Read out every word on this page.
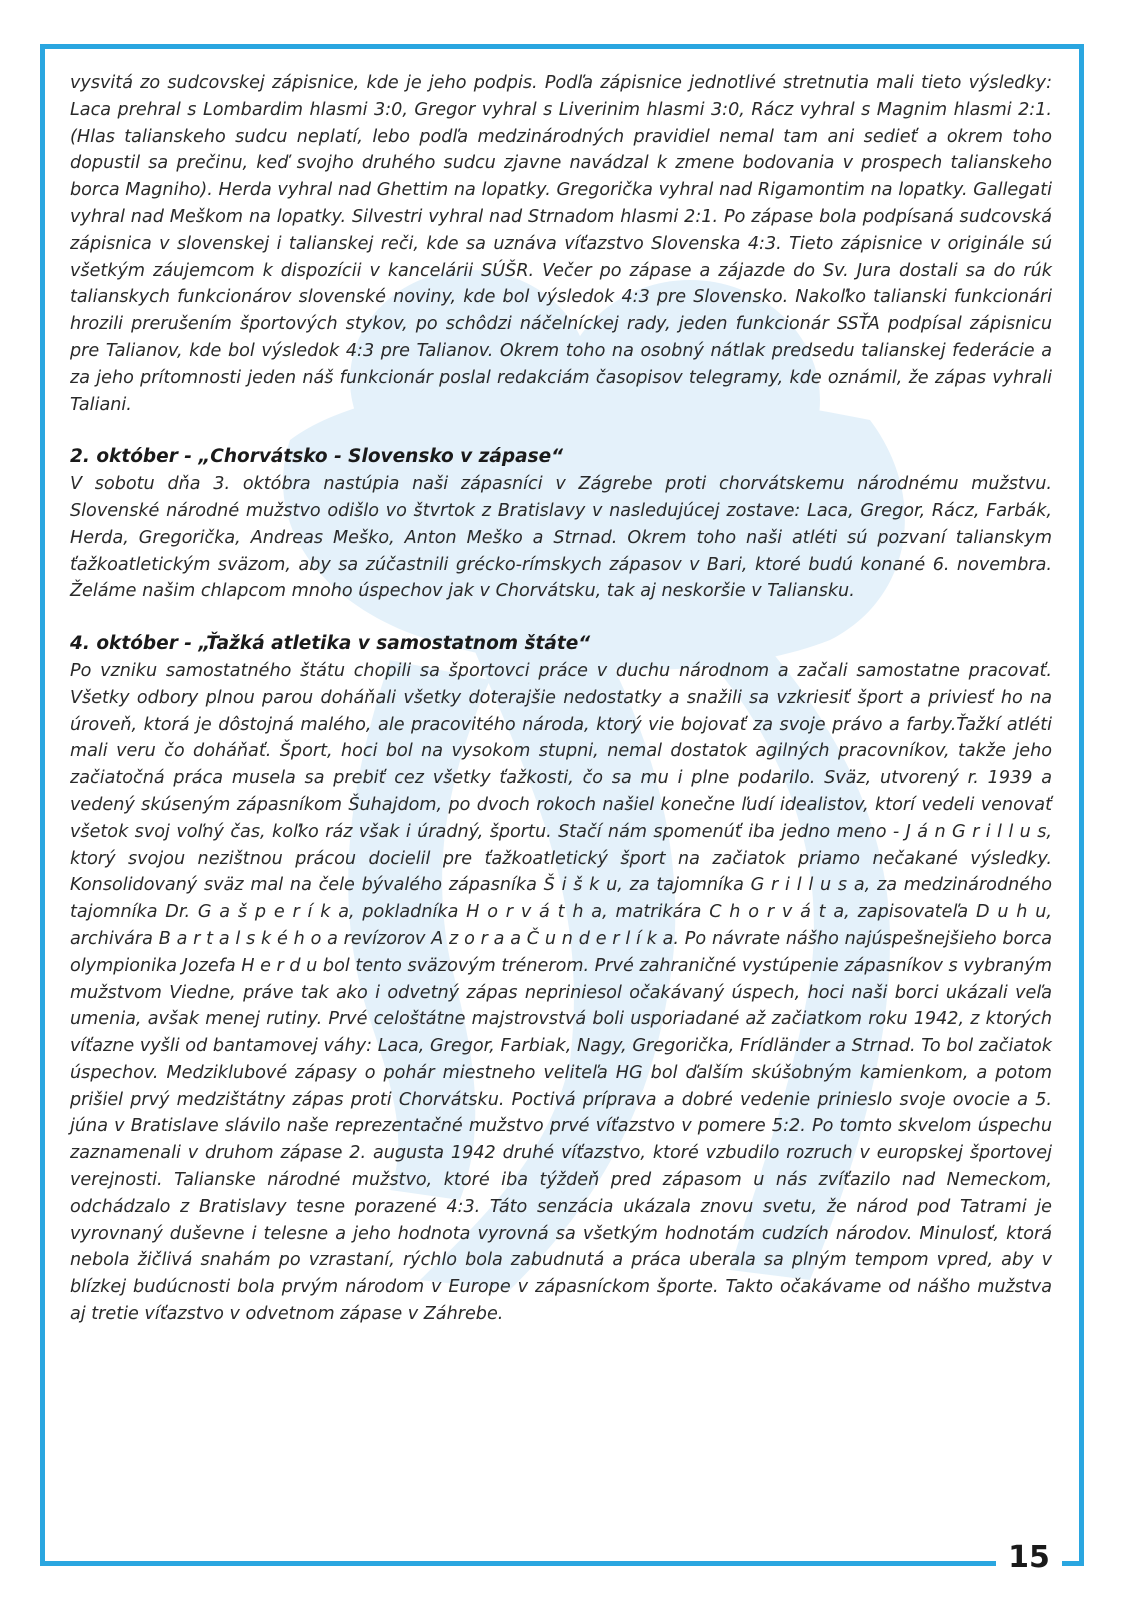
vysvitá zo sudcovskej zápisnice, kde je jeho podpis. Podľa zápisnice jednotlivé stretnutia mali tieto výsledky: Laca prehral s Lombardim hlasmi 3:0, Gregor vyhral s Liverinim hlasmi 3:0, Rácz vyhral s Magnim hlasmi 2:1. (Hlas talianskeho sudcu neplatí, lebo podľa medzinárodných pravidiel nemal tam ani sedieť a okrem toho dopustil sa prečinu, keď svojho druhého sudcu zjavne navádzal k zmene bodovania v prospech talianskeho borca Magniho). Herda vyhral nad Ghettim na lopatky. Gregorička vyhral nad Rigamontim na lopatky. Gallegati vyhral nad Meškom na lopatky. Silvestri vyhral nad Strnadom hlasmi 2:1. Po zápase bola podpísaná sudcovská zápisnica v slovenskej i talianskej reči, kde sa uznáva víťazstvo Slovenska 4:3. Tieto zápisnice v originále sú všetkým záujemcom k dispozícii v kancelárii SÚŠR. Večer po zápase a zájazde do Sv. Jura dostali sa do rúk talianskych funkcionárov slovenské noviny, kde bol výsledok 4:3 pre Slovensko. Nakoľko talianski funkcionári hrozili prerušením športových stykov, po schôdzi náčelníckej rady, jeden funkcionár SSŤA podpísal zápisnicu pre Talianov, kde bol výsledok 4:3 pre Talianov. Okrem toho na osobný nátlak predsedu talianskej federácie a za jeho prítomnosti jeden náš funkcionár poslal redakciám časopisov telegramy, kde oznámil, že zápas vyhrali Taliani.

2. október - „Chorvátsko - Slovensko v zápase“

V sobotu dňa 3. októbra nastúpia naši zápasníci v Zágrebe proti chorvátskemu národnému mužstvu. Slovenské národné mužstvo odišlo vo štvrtok z Bratislavy v nasledujúcej zostave: Laca, Gregor, Rácz, Farbák, Herda, Gregorička, Andreas Meško, Anton Meško a Strnad. Okrem toho naši atléti sú pozvaní talianskym ťažkoatletickým sväzom, aby sa zúčastnili grécko-rímskych zápasov v Bari, ktoré budú konané 6. novembra. Želáme našim chlapcom mnoho úspechov jak v Chorvátsku, tak aj neskoršie v Taliansku.

4. október - „Ťažká atletika v samostatnom štáte“

Po vzniku samostatného štátu chopili sa športovci práce v duchu národnom a začali samostatne pracovať. Všetky odbory plnou parou doháňali všetky doterajšie nedostatky a snažili sa vzkriesiť šport a priviesť ho na úroveň, ktorá je dôstojná malého, ale pracovitého národa, ktorý vie bojovať za svoje právo a farby.Ťažkí atléti mali veru čo doháňať. Šport, hoci bol na vysokom stupni, nemal dostatok agilných pracovníkov, takže jeho začiatočná práca musela sa prebiť cez všetky ťažkosti, čo sa mu i plne podarilo. Sväz, utvorený r. 1939 a vedený skúseným zápasníkom Šuhajdom, po dvoch rokoch našiel konečne ľudí idealistov, ktorí vedeli venovať všetok svoj voľný čas, koľko ráz však i úradný, športu. Stačí nám spomenúť iba jedno meno - J á n G r i l l u s, ktorý svojou nezištnou prácou docielil pre ťažkoatletický šport na začiatok priamo nečakané výsledky. Konsolidovaný sväz mal na čele bývalého zápasníka Š i š k u, za tajomníka G r i l l u s a, za medzinárodného tajomníka Dr. G a š p e r í k a, pokladníka H o r v á t h a, matrikára C h o r v á t a, zapisovateľa D u h u, archivára B a r t a l s k é h o a revízorov A z o r a a Č u n d e r l í k a. Po návrate nášho najúspešnejšieho borca olympionika Jozefa H e r d u bol tento sväzovým trénerom. Prvé zahraničné vystúpenie zápasníkov s vybraným mužstvom Viedne, práve tak ako i odvetný zápas nepriniesol očakávaný úspech, hoci naši borci ukázali veľa umenia, avšak menej rutiny. Prvé celoštátne majstrovstvá boli usporiadané až začiatkom roku 1942, z ktorých víťazne vyšli od bantamovej váhy: Laca, Gregor, Farbiak, Nagy, Gregorička, Frídländer a Strnad. To bol začiatok úspechov. Medziklubové zápasy o pohár miestneho veliteľa HG bol ďalším skúšobným kamienkom, a potom prišiel prvý medzištátny zápas proti Chorvátsku. Poctivá príprava a dobré vedenie prinieslo svoje ovocie a 5. júna v Bratislave slávilo naše reprezentačné mužstvo prvé víťazstvo v pomere 5:2. Po tomto skvelom úspechu zaznamenali v druhom zápase 2. augusta 1942 druhé víťazstvo, ktoré vzbudilo rozruch v europskej športovej verejnosti. Talianske národné mužstvo, ktoré iba týždeň pred zápasom u nás zvíťazilo nad Nemeckom, odchádzalo z Bratislavy tesne porazené 4:3. Táto senzácia ukázala znovu svetu, že národ pod Tatrami je vyrovnaný duševne i telesne a jeho hodnota vyrovná sa všetkým hodnotám cudzích národov. Minulosť, ktorá nebola žičlivá snahám po vzrastaní, rýchlo bola zabudnutá a práca uberala sa plným tempom vpred, aby v blízkej budúcnosti bola prvým národom v Europe v zápasníckom športe. Takto očakávame od nášho mužstva aj tretie víťazstvo v odvetnom zápase v Záhrebe.

15
